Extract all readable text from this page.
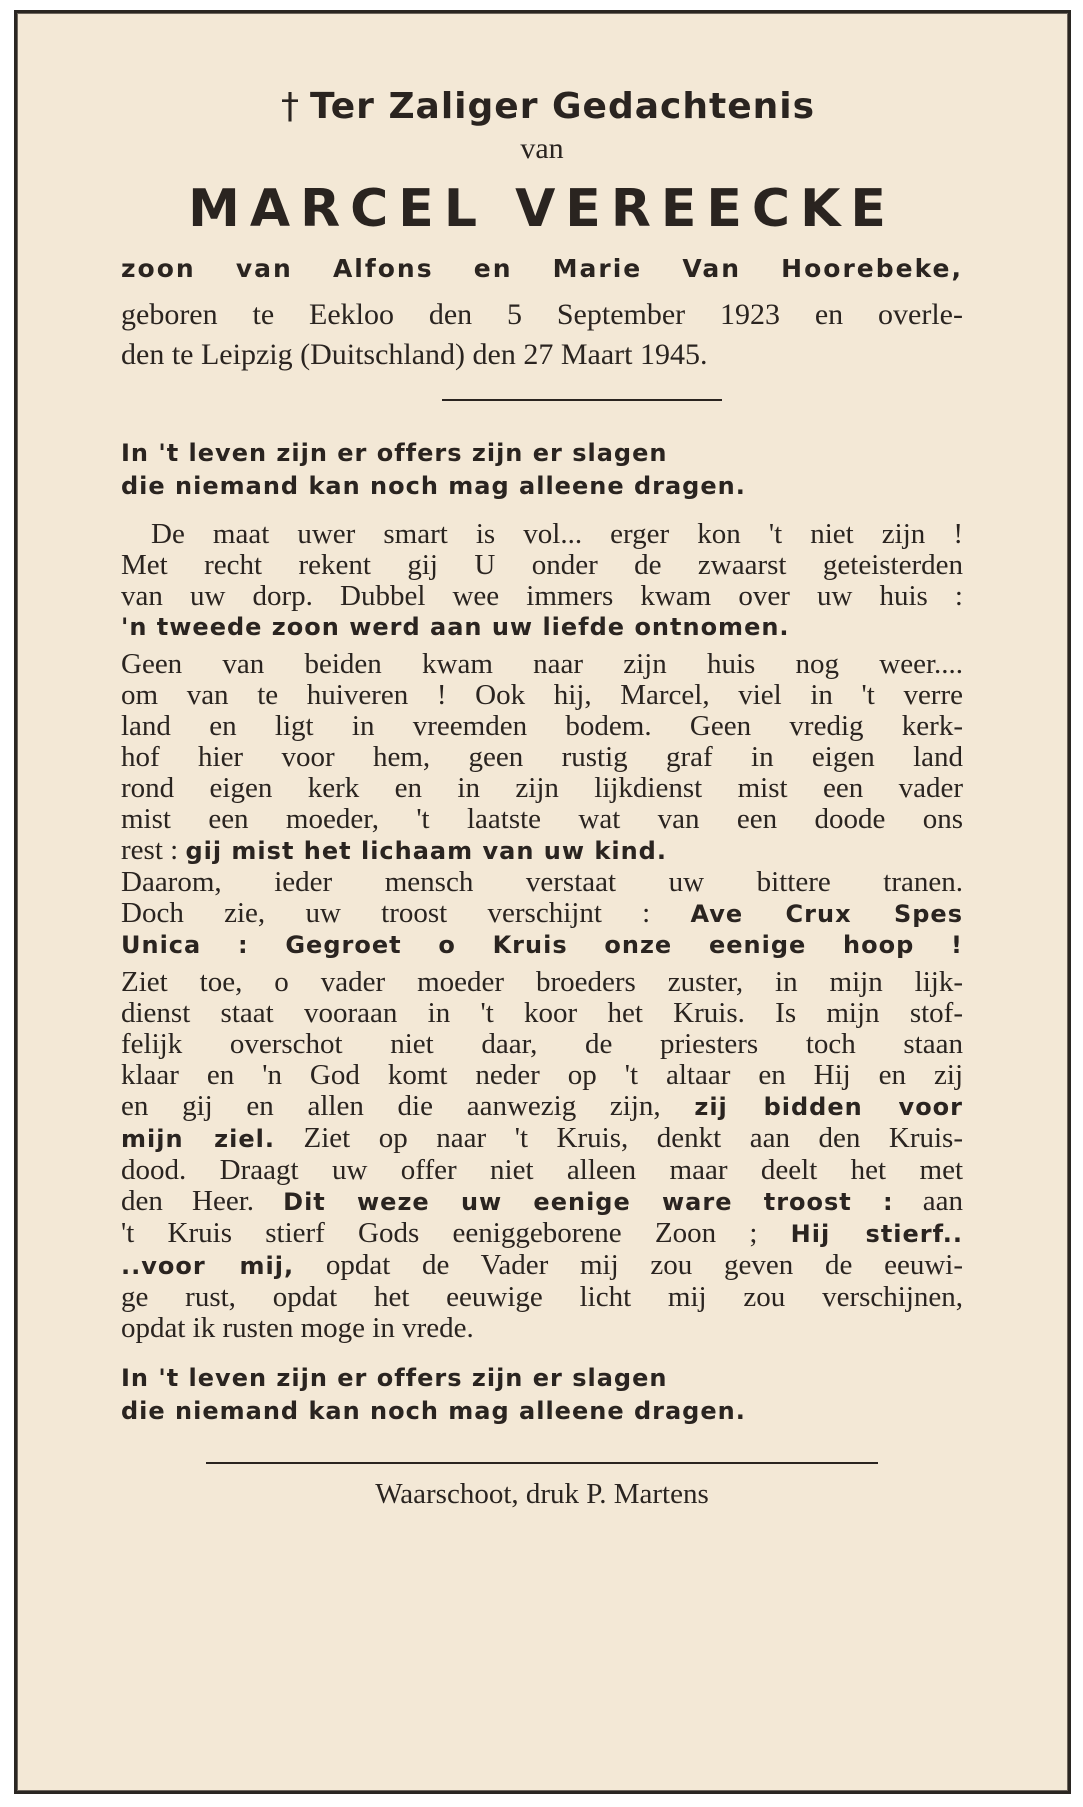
† Ter Zaliger Gedachtenis

van

MARCEL VEREECKE

zoon van Alfons en Marie Van Hoorebeke,

geboren te Eekloo den 5 September 1923 en overle-
den te Leipzig (Duitschland) den 27 Maart 1945.

In 't leven zijn er offers zijn er slagen
die niemand kan noch mag alleene dragen.

De maat uwer smart is vol... erger kon 't niet zijn !
Met recht rekent gij U onder de zwaarst geteisterden
van uw dorp. Dubbel wee immers kwam over uw huis :
'n tweede zoon werd aan uw liefde ontnomen.

Geen van beiden kwam naar zijn huis nog weer....
om van te huiveren ! Ook hij, Marcel, viel in 't verre
land en ligt in vreemden bodem. Geen vredig kerk-
hof hier voor hem, geen rustig graf in eigen land
rond eigen kerk en in zijn lijkdienst mist een vader
mist een moeder, 't laatste wat van een doode ons
rest : gij mist het lichaam van uw kind.
Daarom, ieder mensch verstaat uw bittere tranen.
Doch zie, uw troost verschijnt : Ave Crux Spes
Unica : Gegroet o Kruis onze eenige hoop !

Ziet toe, o vader moeder broeders zuster, in mijn lijk-
dienst staat vooraan in 't koor het Kruis. Is mijn stof-
felijk overschot niet daar, de priesters toch staan
klaar en 'n God komt neder op 't altaar en Hij en zij
en gij en allen die aanwezig zijn, zij bidden voor
mijn ziel. Ziet op naar 't Kruis, denkt aan den Kruis-
dood. Draagt uw offer niet alleen maar deelt het met
den Heer. Dit weze uw eenige ware troost : aan
't Kruis stierf Gods eeniggeborene Zoon ; Hij stierf..
..voor mij, opdat de Vader mij zou geven de eeuwi-
ge rust, opdat het eeuwige licht mij zou verschijnen,
opdat ik rusten moge in vrede.

In 't leven zijn er offers zijn er slagen
die niemand kan noch mag alleene dragen.

Waarschoot, druk P. Martens
